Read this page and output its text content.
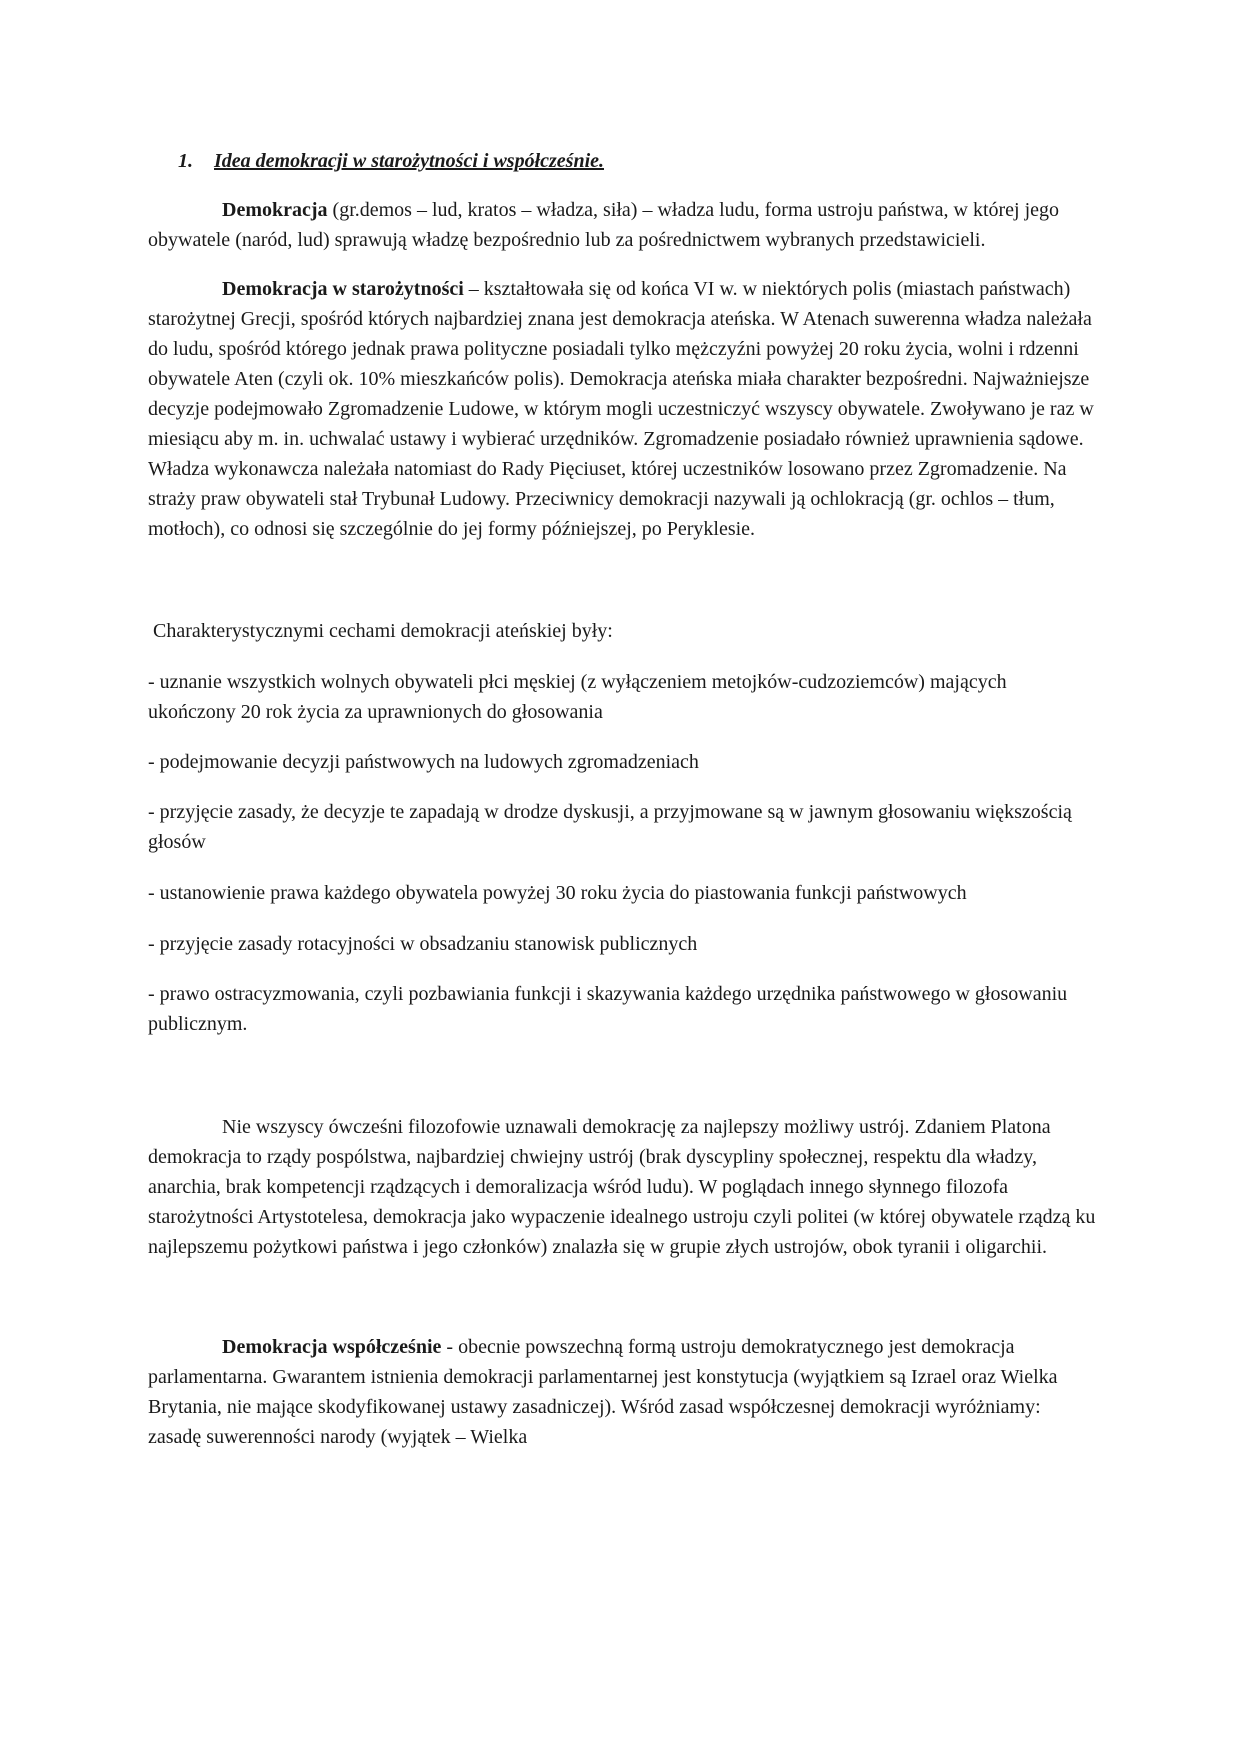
1. Idea demokracji w starożytności i współcześnie.

Demokracja (gr.demos – lud, kratos – władza, siła) – władza ludu, forma ustroju państwa, w której jego obywatele (naród, lud) sprawują władzę bezpośrednio lub za pośrednictwem wybranych przedstawicieli.

Demokracja w starożytności – kształtowała się od końca VI w. w niektórych polis (miastach państwach) starożytnej Grecji, spośród których najbardziej znana jest demokracja ateńska. W Atenach suwerenna władza należała do ludu, spośród którego jednak prawa polityczne posiadali tylko mężczyźni powyżej 20 roku życia, wolni i rdzenni obywatele Aten (czyli ok. 10% mieszkańców polis). Demokracja ateńska miała charakter bezpośredni. Najważniejsze decyzje podejmowało Zgromadzenie Ludowe, w którym mogli uczestniczyć wszyscy obywatele. Zwoływano je raz w miesiącu aby m. in. uchwalać ustawy i wybierać urzędników. Zgromadzenie posiadało również uprawnienia sądowe. Władza wykonawcza należała natomiast do Rady Pięciuset, której uczestników losowano przez Zgromadzenie. Na straży praw obywateli stał Trybunał Ludowy. Przeciwnicy demokracji nazywali ją ochlokracją (gr. ochlos – tłum, motłoch), co odnosi się szczególnie do jej formy późniejszej, po Peryklesie.

Charakterystycznymi cechami demokracji ateńskiej były:

- uznanie wszystkich wolnych obywateli płci męskiej (z wyłączeniem metojków-cudzoziemców) mających ukończony 20 rok życia za uprawnionych do głosowania

- podejmowanie decyzji państwowych na ludowych zgromadzeniach

- przyjęcie zasady, że decyzje te zapadają w drodze dyskusji, a przyjmowane są w jawnym głosowaniu większością głosów

- ustanowienie prawa każdego obywatela powyżej 30 roku życia do piastowania funkcji państwowych

- przyjęcie zasady rotacyjności w obsadzaniu stanowisk publicznych

- prawo ostracyzmowania, czyli pozbawiania funkcji i skazywania każdego urzędnika państwowego w głosowaniu publicznym.

Nie wszyscy ówcześni filozofowie uznawali demokrację za najlepszy możliwy ustrój. Zdaniem Platona demokracja to rządy pospólstwa, najbardziej chwiejny ustrój (brak dyscypliny społecznej, respektu dla władzy, anarchia, brak kompetencji rządzących i demoralizacja wśród ludu). W poglądach innego słynnego filozofa starożytności Artystotelesa, demokracja jako wypaczenie idealnego ustroju czyli politei (w której obywatele rządzą ku najlepszemu pożytkowi państwa i jego członków) znalazła się w grupie złych ustrojów, obok tyranii i oligarchii.

Demokracja współcześnie - obecnie powszechną formą ustroju demokratycznego jest demokracja parlamentarna. Gwarantem istnienia demokracji parlamentarnej jest konstytucja (wyjątkiem są Izrael oraz Wielka Brytania, nie mające skodyfikowanej ustawy zasadniczej). Wśród zasad współczesnej demokracji wyróżniamy: zasadę suwerenności narody (wyjątek – Wielka
